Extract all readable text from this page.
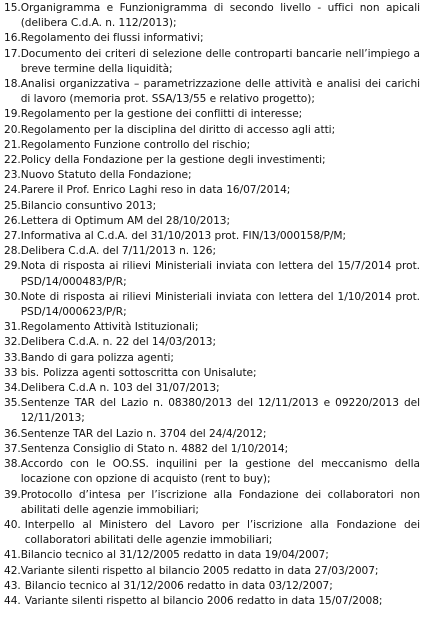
15. Organigramma e Funzionigramma di secondo livello - uffici non apicali (delibera C.d.A. n. 112/2013);
16. Regolamento dei flussi informativi;
17. Documento dei criteri di selezione delle controparti bancarie nell’impiego a breve termine della liquidità;
18. Analisi organizzativa – parametrizzazione delle attività e analisi dei carichi di lavoro (memoria prot. SSA/13/55 e relativo progetto);
19. Regolamento per la gestione dei conflitti di interesse;
20. Regolamento per la disciplina del diritto di accesso agli atti;
21. Regolamento Funzione controllo del rischio;
22. Policy della Fondazione per la gestione degli investimenti;
23. Nuovo Statuto della Fondazione;
24. Parere il Prof. Enrico Laghi reso in data 16/07/2014;
25. Bilancio consuntivo 2013;
26. Lettera di Optimum AM del 28/10/2013;
27. Informativa al C.d.A. del 31/10/2013 prot. FIN/13/000158/P/M;
28. Delibera C.d.A. del 7/11/2013 n. 126;
29. Nota di risposta ai rilievi Ministeriali inviata con lettera del 15/7/2014 prot. PSD/14/000483/P/R;
30. Note di risposta ai rilievi Ministeriali inviata con lettera del 1/10/2014 prot. PSD/14/000623/P/R;
31. Regolamento Attività Istituzionali;
32. Delibera C.d.A. n. 22 del 14/03/2013;
33. Bando di gara polizza agenti;
33 bis. Polizza agenti sottoscritta con Unisalute;
34. Delibera C.d.A n. 103 del 31/07/2013;
35. Sentenze TAR del Lazio n. 08380/2013 del 12/11/2013 e 09220/2013 del 12/11/2013;
36. Sentenze TAR del Lazio n. 3704 del 24/4/2012;
37. Sentenza Consiglio di Stato n. 4882 del 1/10/2014;
38. Accordo con le OO.SS. inquilini per la gestione del meccanismo della locazione con opzione di acquisto (rent to buy);
39. Protocollo d’intesa per l’iscrizione alla Fondazione dei collaboratori non abilitati delle agenzie immobiliari;
40. Interpello al Ministero del Lavoro per l’iscrizione alla Fondazione dei collaboratori abilitati delle agenzie immobiliari;
41. Bilancio tecnico al 31/12/2005 redatto in data 19/04/2007;
42. Variante silenti rispetto al bilancio 2005 redatto in data 27/03/2007;
43. Bilancio tecnico al 31/12/2006 redatto in data 03/12/2007;
44. Variante silenti rispetto al bilancio 2006 redatto in data 15/07/2008;
